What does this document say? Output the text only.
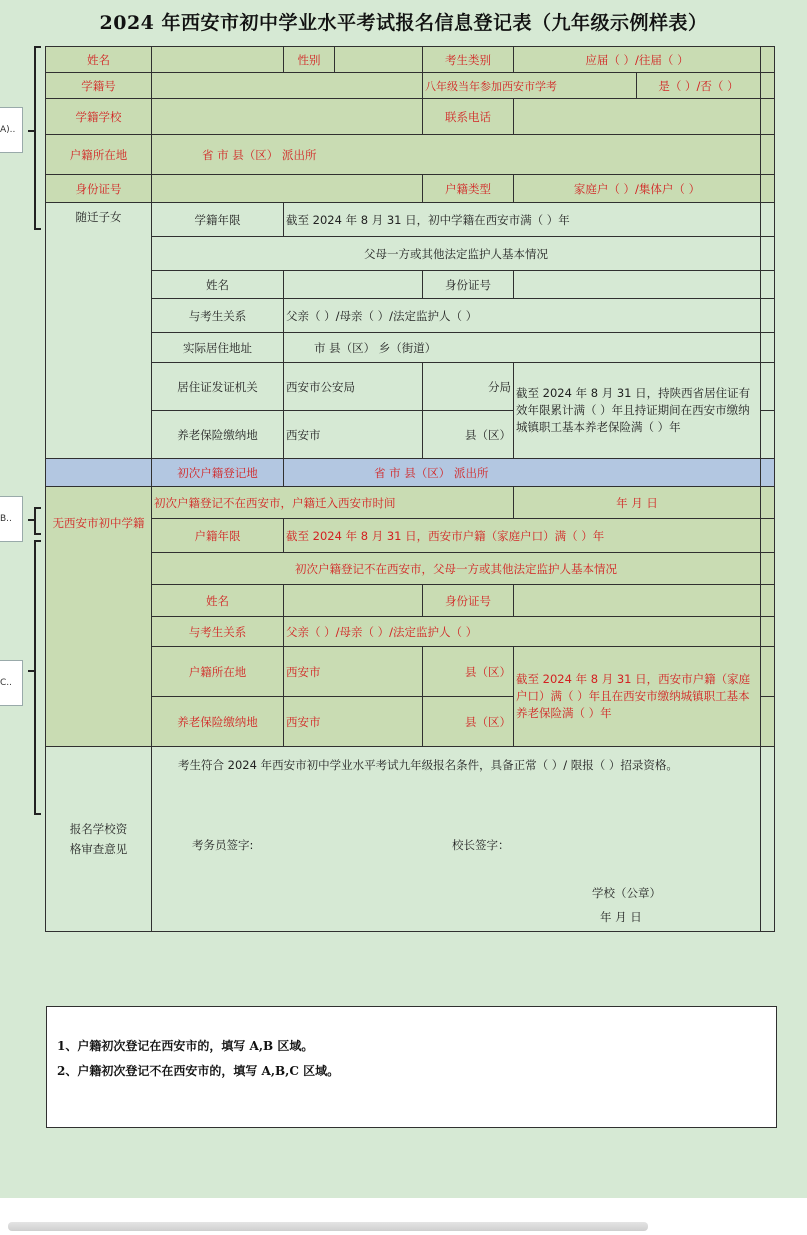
2024 年西安市初中学业水平考试报名信息登记表（九年级示例样表）
A)..
B..
C..
姓名		性别		考生类别	应届（ ）/往届（ ）		
学籍号				八年级当年参加西安市学考		是（ ）/否（ ）	
学籍学校				联系电话			
户籍所在地	省 市 县（区） 派出所						
身份证号				户籍类型	家庭户（ ）/集体户（ ）		
随迁子女	学籍年限	截至 2024 年 8 月 31 日，初中学籍在西安市满（ ）年					
	父母一方或其他法定监护人基本情况						
	姓名			身份证号			
	与考生关系	父亲（ ）/母亲（ ）/法定监护人（ ）					
	实际居住地址	市 县（区） 乡（街道）					
	居住证发证机关	西安市公安局		分局	截至 2024 年 8 月 31 日，持陕西省居住证有效年限累计满（ ）年且持证期间在西安市缴纳城镇职工基本养老保险满（ ）年		
	养老保险缴纳地	西安市		县（区）			
	初次户籍登记地	省 市 县（区） 派出所					
无西安市初中学籍	初次户籍登记不在西安市，户籍迁入西安市时间				年 月 日		
	户籍年限	截至 2024 年 8 月 31 日，西安市户籍（家庭户口）满（ ）年					
	初次户籍登记不在西安市，父母一方或其他法定监护人基本情况						
	姓名			身份证号			
	与考生关系	父亲（ ）/母亲（ ）/法定监护人（ ）					
	户籍所在地	西安市		县（区）	截至 2024 年 8 月 31 日，西安市户籍（家庭户口）满（ ）年且在西安市缴纳城镇职工基本养老保险满（ ）年		
	养老保险缴纳地	西安市		县（区）			
报名学校资格审查意见	考生符合 2024 年西安市初中学业水平考试九年级报名条件，具备正常（ ）/ 限报（ ）招录资格。
考务员签字: 校长签字：
学校（公章）
年 月 日						

1、户籍初次登记在西安市的，填写 A,B 区域。
2、户籍初次登记不在西安市的，填写 A,B,C 区域。
